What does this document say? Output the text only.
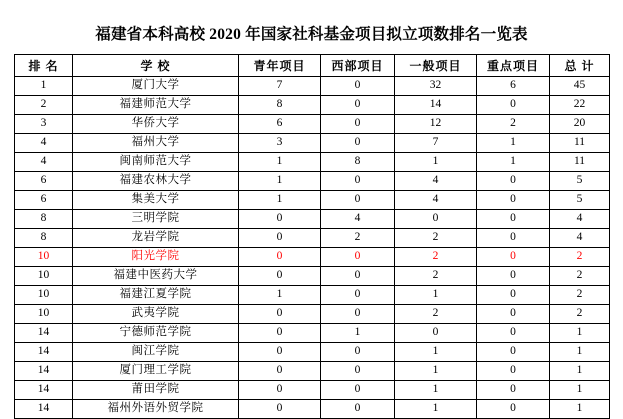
福建省本科高校 2020 年国家社科基金项目拟立项数排名一览表
排 名	学 校	青年项目	西部项目	一般项目	重点项目	总 计
1	厦门大学	7	0	32	6	45
2	福建师范大学	8	0	14	0	22
3	华侨大学	6	0	12	2	20
4	福州大学	3	0	7	1	11
4	闽南师范大学	1	8	1	1	11
6	福建农林大学	1	0	4	0	5
6	集美大学	1	0	4	0	5
8	三明学院	0	4	0	0	4
8	龙岩学院	0	2	2	0	4
10	阳光学院	0	0	2	0	2
10	福建中医药大学	0	0	2	0	2
10	福建江夏学院	1	0	1	0	2
10	武夷学院	0	0	2	0	2
14	宁德师范学院	0	1	0	0	1
14	闽江学院	0	0	1	0	1
14	厦门理工学院	0	0	1	0	1
14	莆田学院	0	0	1	0	1
14	福州外语外贸学院	0	0	1	0	1
